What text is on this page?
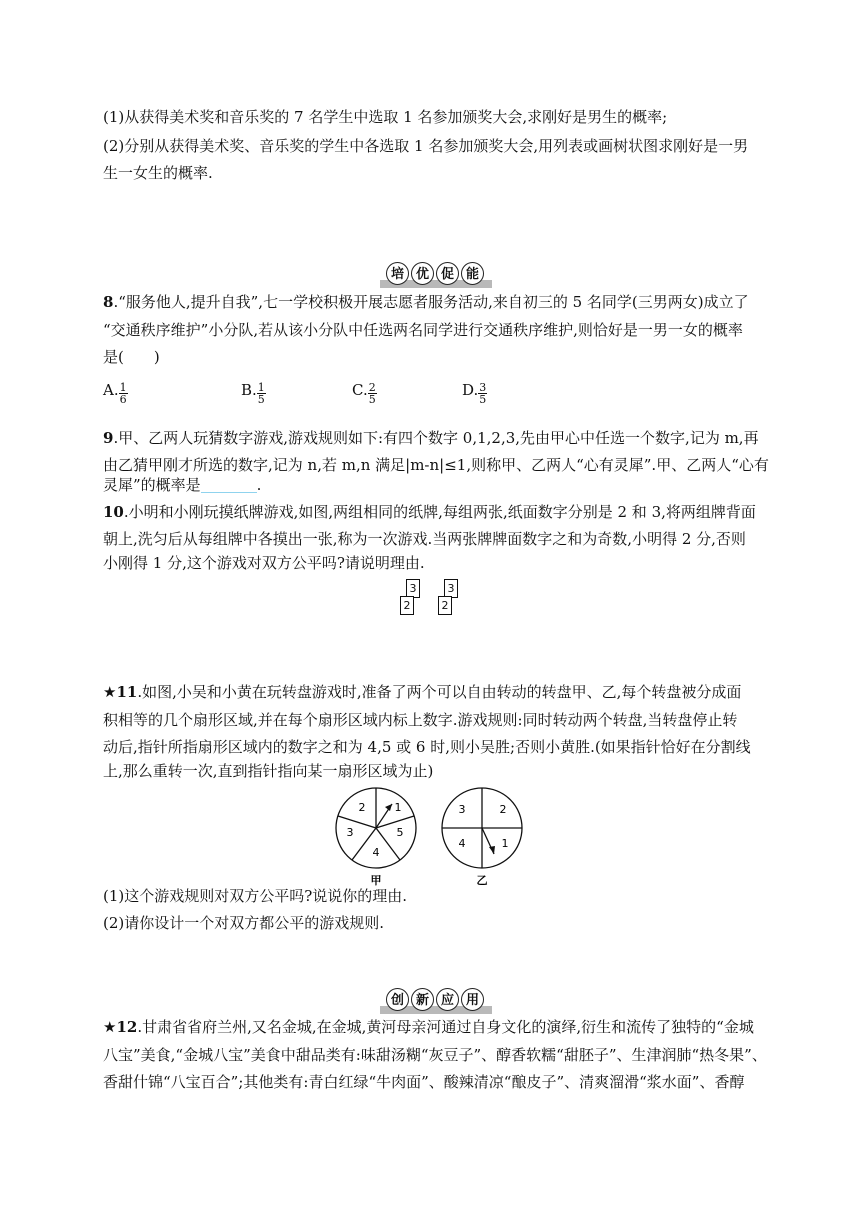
(1)从获得美术奖和音乐奖的 7 名学生中选取 1 名参加颁奖大会,求刚好是男生的概率;
(2)分别从获得美术奖、音乐奖的学生中各选取 1 名参加颁奖大会,用列表或画树状图求刚好是一男
生一女生的概率.
培 优 促 能
8.“服务他人,提升自我”,七一学校积极开展志愿者服务活动,来自初三的 5 名同学(三男两女)成立了
“交通秩序维护”小分队,若从该小分队中任选两名同学进行交通秩序维护,则恰好是一男一女的概率
是(　　)
A. $\frac{1}{6}$	B. $\frac{1}{5}$	C. $\frac{2}{5}$	D. $\frac{3}{5}$
9.甲、乙两人玩猜数字游戏,游戏规则如下:有四个数字 0,1,2,3,先由甲心中任选一个数字,记为 m,再
由乙猜甲刚才所选的数字,记为 n,若 m,n 满足|m-n|≤1,则称甲、乙两人“心有灵犀”.甲、乙两人“心有
灵犀”的概率是	.
10.小明和小刚玩摸纸牌游戏,如图,两组相同的纸牌,每组两张,纸面数字分别是 2 和 3,将两组牌背面
朝上,洗匀后从每组牌中各摸出一张,称为一次游戏.当两张牌牌面数字之和为奇数,小明得 2 分,否则
小刚得 1 分,这个游戏对双方公平吗?请说明理由.
3
2
3
2
★11.如图,小吴和小黄在玩转盘游戏时,准备了两个可以自由转动的转盘甲、乙,每个转盘被分成面
积相等的几个扇形区域,并在每个扇形区域内标上数字.游戏规则:同时转动两个转盘,当转盘停止转
动后,指针所指扇形区域内的数字之和为 4,5 或 6 时,则小吴胜;否则小黄胜.(如果指针恰好在分割线
上,那么重转一次,直到指针指向某一扇形区域为止)
1
5
4
3
2
甲
2
1
4
3
乙
(1)这个游戏规则对双方公平吗?说说你的理由.
(2)请你设计一个对双方都公平的游戏规则.
创 新 应 用
★12.甘肃省省府兰州,又名金城,在金城,黄河母亲河通过自身文化的演绎,衍生和流传了独特的“金城
八宝”美食,“金城八宝”美食中甜品类有:味甜汤糊“灰豆子”、醇香软糯“甜胚子”、生津润肺“热冬果”、
香甜什锦“八宝百合”;其他类有:青白红绿“牛肉面”、酸辣清凉“酿皮子”、清爽溜滑“浆水面”、香醇
